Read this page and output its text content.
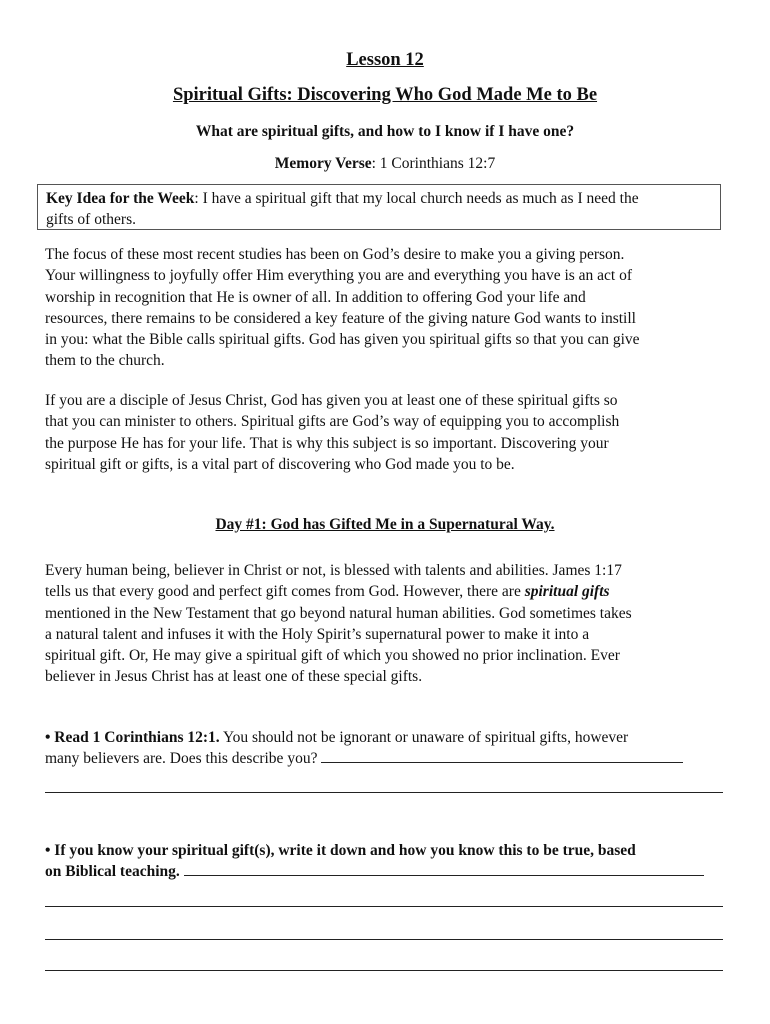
Lesson 12
Spiritual Gifts: Discovering Who God Made Me to Be
What are spiritual gifts, and how to I know if I have one?
Memory Verse: 1 Corinthians 12:7
Key Idea for the Week: I have a spiritual gift that my local church needs as much as I need the
gifts of others.
The focus of these most recent studies has been on God’s desire to make you a giving person.
Your willingness to joyfully offer Him everything you are and everything you have is an act of
worship in recognition that He is owner of all. In addition to offering God your life and
resources, there remains to be considered a key feature of the giving nature God wants to instill
in you: what the Bible calls spiritual gifts. God has given you spiritual gifts so that you can give
them to the church.
If you are a disciple of Jesus Christ, God has given you at least one of these spiritual gifts so
that you can minister to others. Spiritual gifts are God’s way of equipping you to accomplish
the purpose He has for your life. That is why this subject is so important. Discovering your
spiritual gift or gifts, is a vital part of discovering who God made you to be.
Day #1: God has Gifted Me in a Supernatural Way.
Every human being, believer in Christ or not, is blessed with talents and abilities. James 1:17
tells us that every good and perfect gift comes from God. However, there are spiritual gifts
mentioned in the New Testament that go beyond natural human abilities. God sometimes takes
a natural talent and infuses it with the Holy Spirit’s supernatural power to make it into a
spiritual gift. Or, He may give a spiritual gift of which you showed no prior inclination. Ever
believer in Jesus Christ has at least one of these special gifts.
• Read 1 Corinthians 12:1. You should not be ignorant or unaware of spiritual gifts, however
many believers are. Does this describe you?
• If you know your spiritual gift(s), write it down and how you know this to be true, based
on Biblical teaching.
